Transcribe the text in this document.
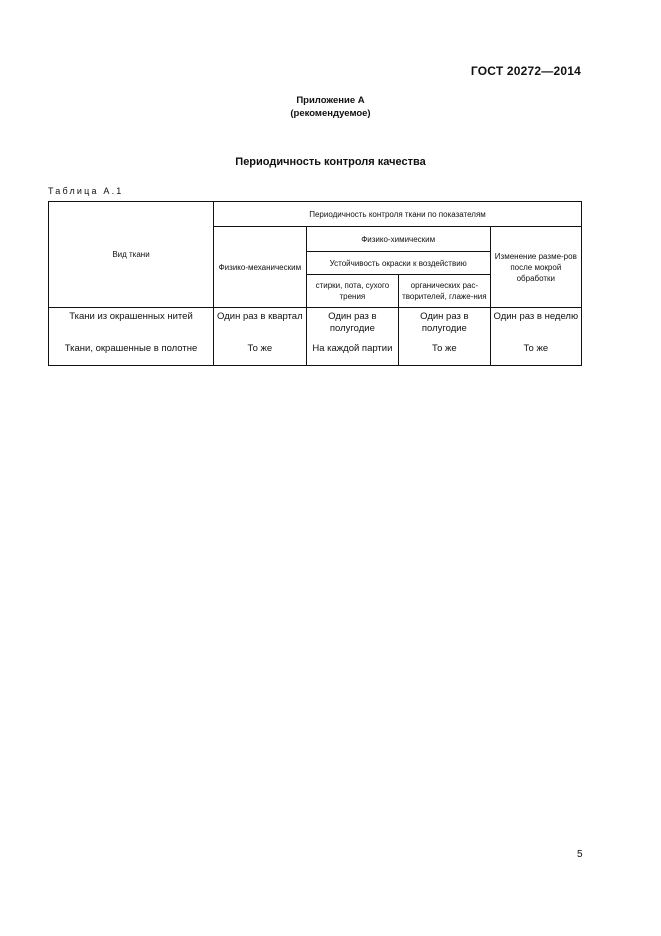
ГОСТ 20272—2014
Приложение А
(рекомендуемое)
Периодичность контроля качества
Таблица А.1
Вид ткани	Периодичность контроля ткани по показателям			
	Физико-механическим	Физико-химическим		Изменение разме-ров после мокрой обработки
		Устойчивость окраски к воздействию		
		стирки, пота, сухого трения	органических рас-творителей, глаже-ния	
Ткани из окрашенных нитей	Один раз в квартал	Один раз в полугодие	Один раз в полугодие	Один раз в неделю
Ткани, окрашенные в полотне	То же	На каждой партии	То же	То же
5
